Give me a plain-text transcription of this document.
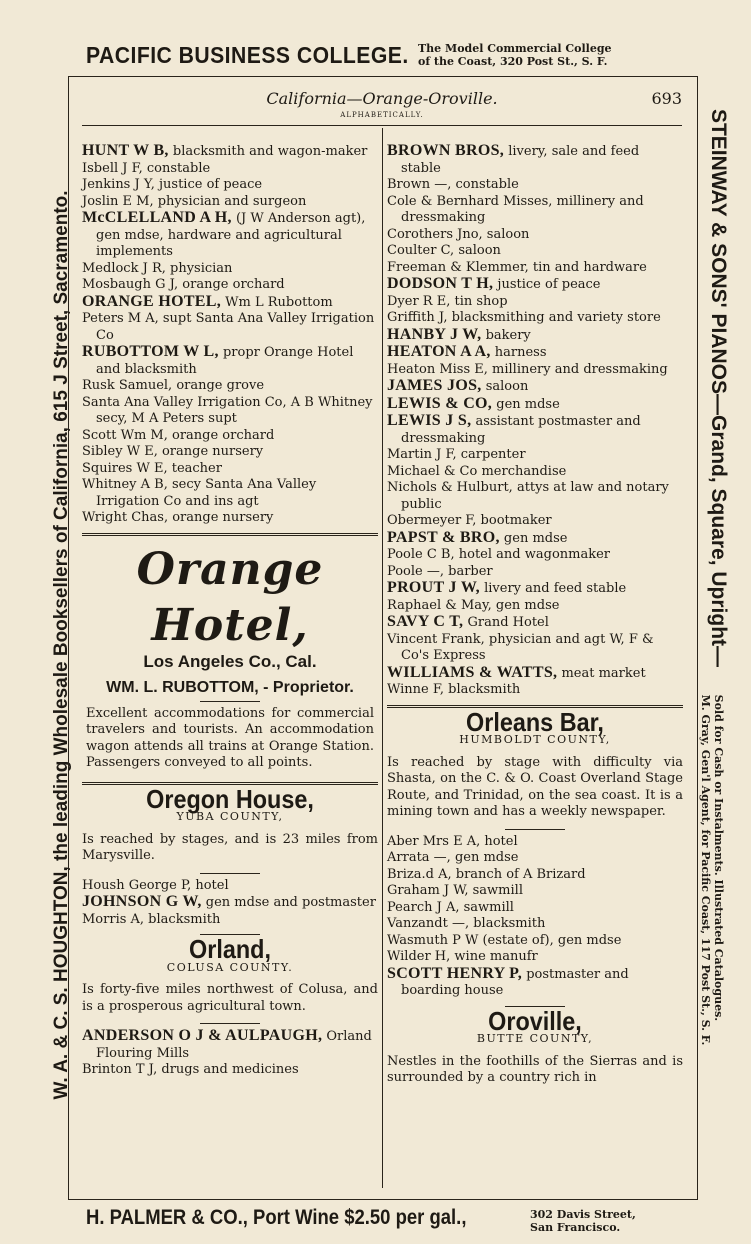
PACIFIC BUSINESS COLLEGE. The Model Commercial College
of the Coast, 320 Post St., S. F.
W. A. & C. S. HOUGHTON, the leading Wholesale Booksellers of California, 615 J Street, Sacramento.	STEINWAY & SONS' PIANOS—Grand, Square, Upright—
Sold for Cash or Instalments. Illustrated Catalogues.
M. Gray, Gen'l Agent, for Pacific Coast, 117 Post St., S. F.
California—Orange-Oroville.	693
ALPHABETICALLY.
HUNT W B, blacksmith and wagon-maker
Isbell J F, constable
Jenkins J Y, justice of peace
Joslin E M, physician and surgeon
McCLELLAND A H, (J W Anderson agt), gen mdse, hardware and agricultural implements
Medlock J R, physician
Mosbaugh G J, orange orchard
ORANGE HOTEL, Wm L Rubottom
Peters M A, supt Santa Ana Valley Irrigation Co
RUBOTTOM W L, propr Orange Hotel and blacksmith
Rusk Samuel, orange grove
Santa Ana Valley Irrigation Co, A B Whitney secy, M A Peters supt
Scott Wm M, orange orchard
Sibley W E, orange nursery
Squires W E, teacher
Whitney A B, secy Santa Ana Valley Irrigation Co and ins agt
Wright Chas, orange nursery
Orange Hotel,
Los Angeles Co., Cal.
WM. L. RUBOTTOM, - Proprietor.
Excellent accommodations for commercial travelers and tourists. An accommodation wagon attends all trains at Orange Station. Passengers conveyed to all points.
Oregon House,
YUBA COUNTY,
Is reached by stages, and is 23 miles from Marysville.
Housh George P, hotel
JOHNSON G W, gen mdse and postmaster
Morris A, blacksmith
Orland,
COLUSA COUNTY.
Is forty-five miles northwest of Colusa, and is a prosperous agricultural town.
ANDERSON O J & AULPAUGH, Orland Flouring Mills
Brinton T J, drugs and medicines
BROWN BROS, livery, sale and feed stable
Brown —, constable
Cole & Bernhard Misses, millinery and dressmaking
Corothers Jno, saloon
Coulter C, saloon
Freeman & Klemmer, tin and hardware
DODSON T H, justice of peace
Dyer R E, tin shop
Griffith J, blacksmithing and variety store
HANBY J W, bakery
HEATON A A, harness
Heaton Miss E, millinery and dressmaking
JAMES JOS, saloon
LEWIS & CO, gen mdse
LEWIS J S, assistant postmaster and dressmaking
Martin J F, carpenter
Michael & Co merchandise
Nichols & Hulburt, attys at law and notary public
Obermeyer F, bootmaker
PAPST & BRO, gen mdse
Poole C B, hotel and wagonmaker
Poole —, barber
PROUT J W, livery and feed stable
Raphael & May, gen mdse
SAVY C T, Grand Hotel
Vincent Frank, physician and agt W, F & Co's Express
WILLIAMS & WATTS, meat market
Winne F, blacksmith
Orleans Bar,
HUMBOLDT COUNTY,
Is reached by stage with difficulty via Shasta, on the C. & O. Coast Overland Stage Route, and Trinidad, on the sea coast. It is a mining town and has a weekly newspaper.
Aber Mrs E A, hotel
Arrata —, gen mdse
Briza.d A, branch of A Brizard
Graham J W, sawmill
Pearch J A, sawmill
Vanzandt —, blacksmith
Wasmuth P W (estate of), gen mdse
Wilder H, wine manufr
SCOTT HENRY P, postmaster and boarding house
Oroville,
BUTTE COUNTY,
Nestles in the foothills of the Sierras and is surrounded by a country rich in
H. PALMER & CO., Port Wine $2.50 per gal.,	302 Davis Street,
San Francisco.
